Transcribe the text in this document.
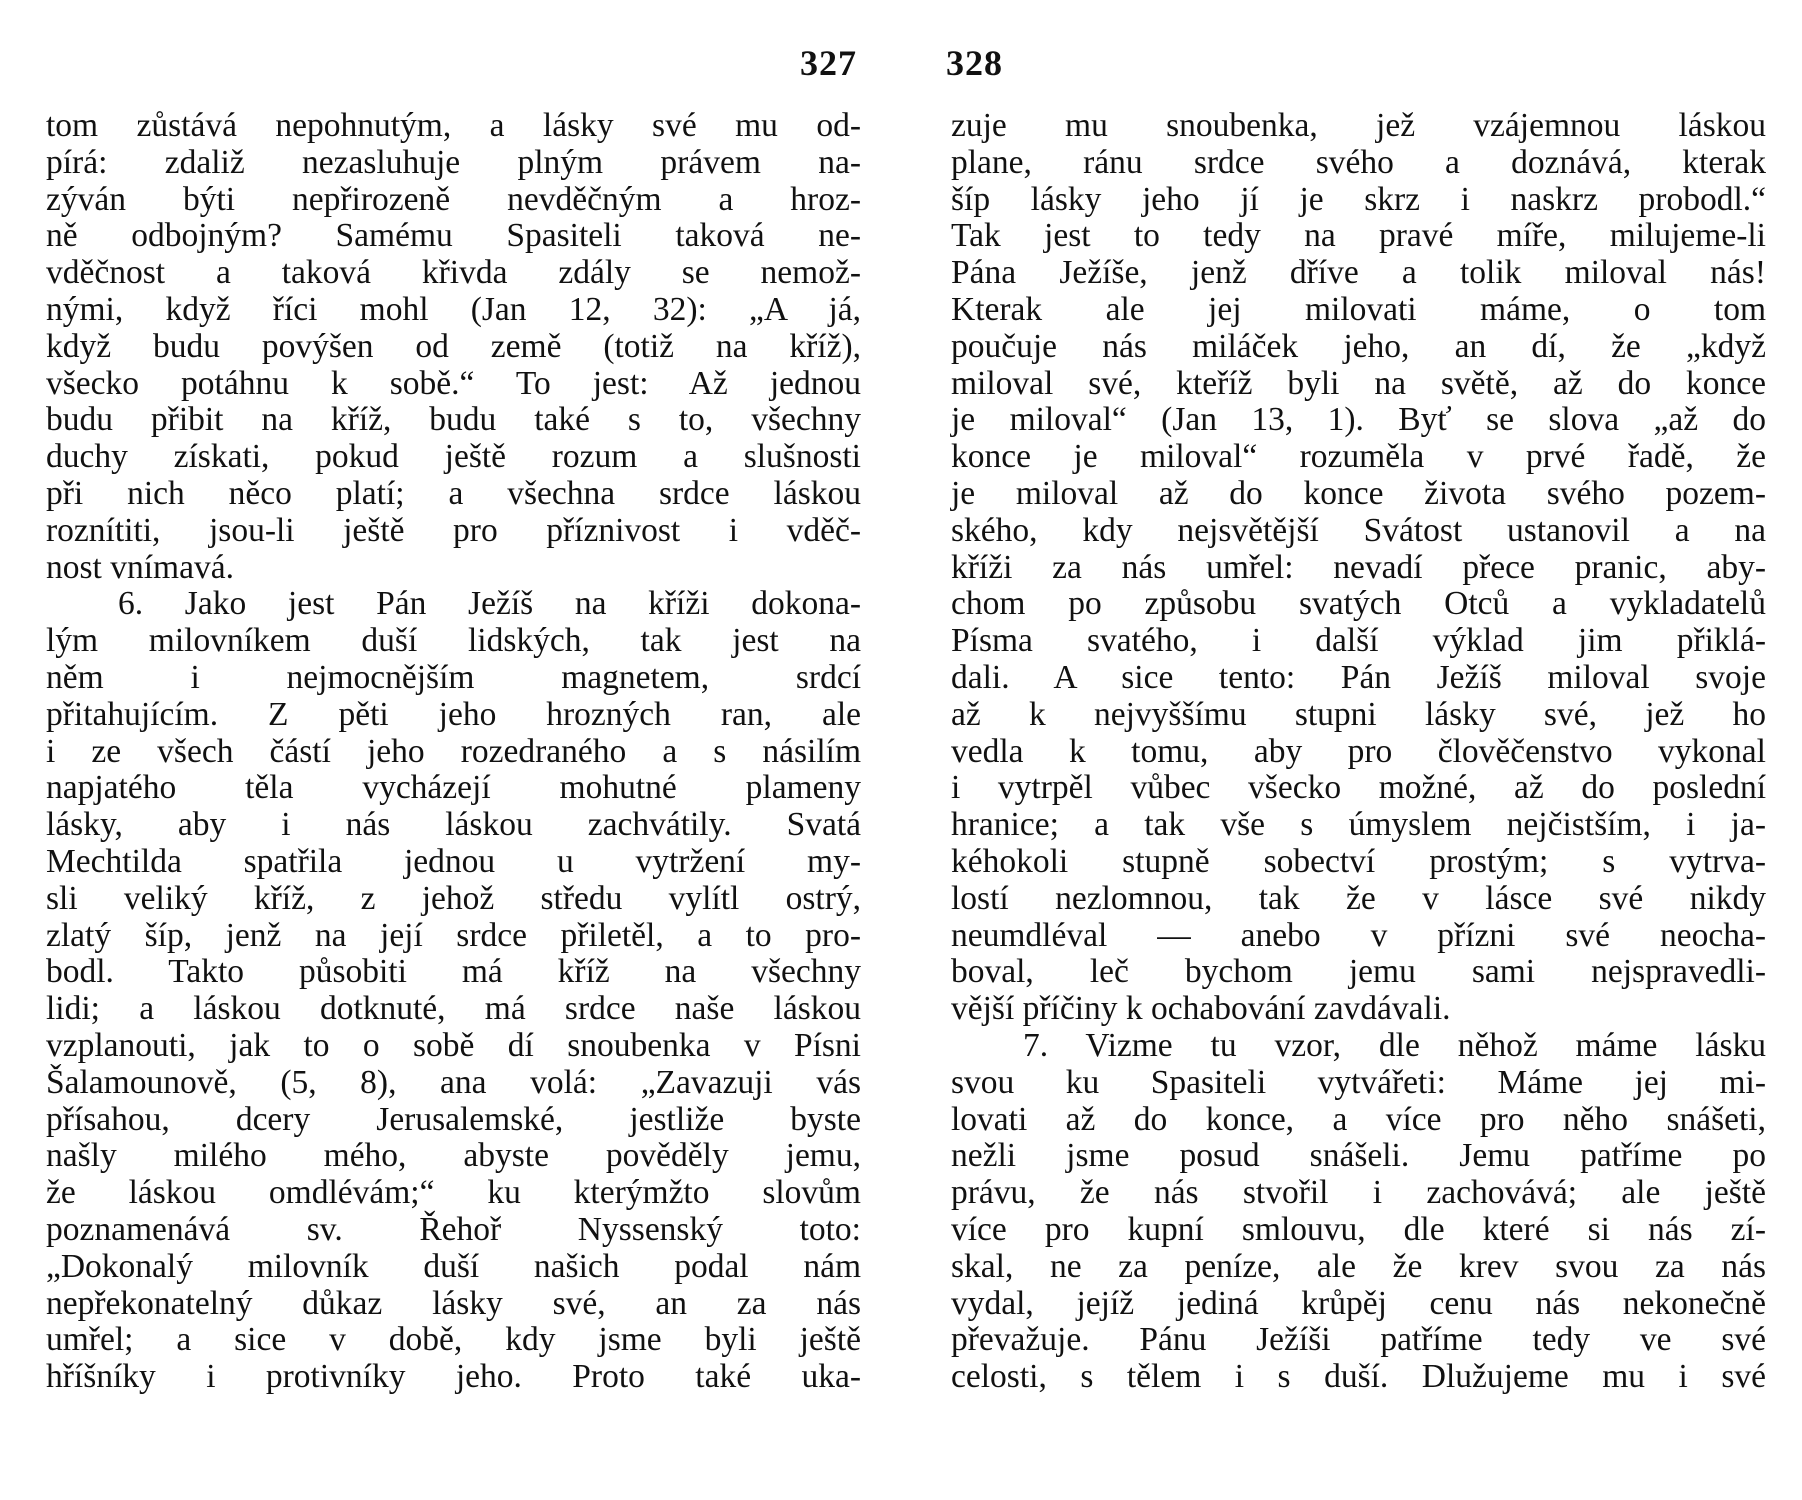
327 328
tom zůstává nepohnutým, a lásky své mu od-
pírá: zdaliž nezasluhuje plným právem na-
zýván býti nepřirozeně nevděčným a hroz-
ně odbojným? Samému Spasiteli taková ne-
vděčnost a taková křivda zdály se nemož-
nými, když říci mohl (Jan 12, 32): „A já,
když budu povýšen od země (totiž na kříž),
všecko potáhnu k sobě.“ To jest: Až jednou
budu přibit na kříž, budu také s to, všechny
duchy získati, pokud ještě rozum a slušnosti
při nich něco platí; a všechna srdce láskou
roznítiti, jsou-li ještě pro příznivost i vděč-
nost vnímavá.
6. Jako jest Pán Ježíš na kříži dokona-
lým milovníkem duší lidských, tak jest na
něm i nejmocnějším magnetem, srdcí
přitahujícím. Z pěti jeho hrozných ran, ale
i ze všech částí jeho rozedraného a s násilím
napjatého těla vycházejí mohutné plameny
lásky, aby i nás láskou zachvátily. Svatá
Mechtilda spatřila jednou u vytržení my-
sli veliký kříž, z jehož středu vylítl ostrý,
zlatý šíp, jenž na její srdce přiletěl, a to pro-
bodl. Takto působiti má kříž na všechny
lidi; a láskou dotknuté, má srdce naše láskou
vzplanouti, jak to o sobě dí snoubenka v Písni
Šalamounově, (5, 8), ana volá: „Zavazuji vás
přísahou, dcery Jerusalemské, jestliže byste
našly milého mého, abyste pověděly jemu,
že láskou omdlévám;“ ku kterýmžto slovům
poznamenává sv. Řehoř Nyssenský toto:
„Dokonalý milovník duší našich podal nám
nepřekonatelný důkaz lásky své, an za nás
umřel; a sice v době, kdy jsme byli ještě
hříšníky i protivníky jeho. Proto také uka-
zuje mu snoubenka, jež vzájemnou láskou
plane, ránu srdce svého a doznává, kterak
šíp lásky jeho jí je skrz i naskrz probodl.“
Tak jest to tedy na pravé míře, milujeme-li
Pána Ježíše, jenž dříve a tolik miloval nás!
Kterak ale jej milovati máme, o tom
poučuje nás miláček jeho, an dí, že „když
miloval své, kteříž byli na světě, až do konce
je miloval“ (Jan 13, 1). Byť se slova „až do
konce je miloval“ rozuměla v prvé řadě, že
je miloval až do konce života svého pozem-
ského, kdy nejsvětější Svátost ustanovil a na
kříži za nás umřel: nevadí přece pranic, aby-
chom po způsobu svatých Otců a vykladatelů
Písma svatého, i další výklad jim přiklá-
dali. A sice tento: Pán Ježíš miloval svoje
až k nejvyššímu stupni lásky své, jež ho
vedla k tomu, aby pro člověčenstvo vykonal
i vytrpěl vůbec všecko možné, až do poslední
hranice; a tak vše s úmyslem nejčistším, i ja-
kéhokoli stupně sobectví prostým; s vytrva-
lostí nezlomnou, tak že v lásce své nikdy
neumdléval — anebo v přízni své neocha-
boval, leč bychom jemu sami nejspravedli-
vější příčiny k ochabování zavdávali.
7. Vizme tu vzor, dle něhož máme lásku
svou ku Spasiteli vytvářeti: Máme jej mi-
lovati až do konce, a více pro něho snášeti,
nežli jsme posud snášeli. Jemu patříme po
právu, že nás stvořil i zachovává; ale ještě
více pro kupní smlouvu, dle které si nás zí-
skal, ne za peníze, ale že krev svou za nás
vydal, jejíž jediná krůpěj cenu nás nekonečně
převažuje. Pánu Ježíši patříme tedy ve své
celosti, s tělem i s duší. Dlužujeme mu i své
